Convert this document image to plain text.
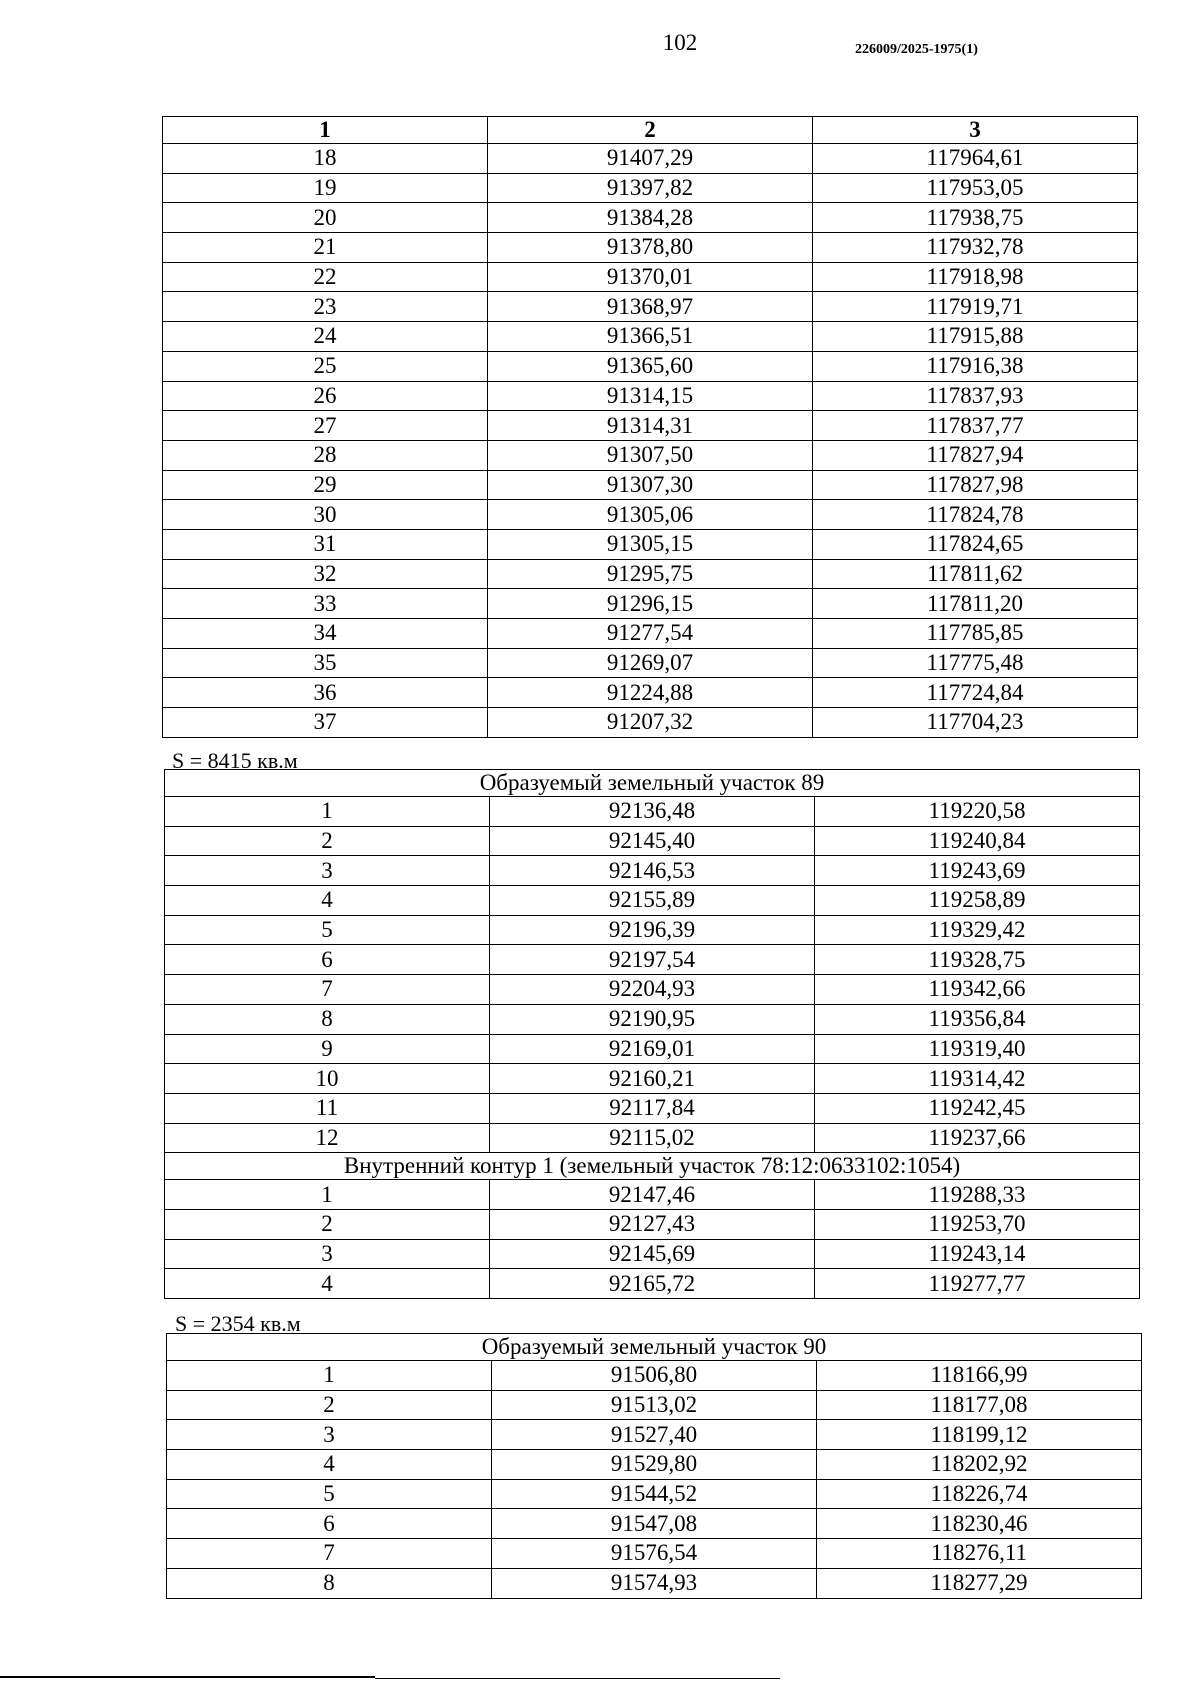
102	226009/2025-1975(1)
1	2	3
18	91407,29	117964,61
19	91397,82	117953,05
20	91384,28	117938,75
21	91378,80	117932,78
22	91370,01	117918,98
23	91368,97	117919,71
24	91366,51	117915,88
25	91365,60	117916,38
26	91314,15	117837,93
27	91314,31	117837,77
28	91307,50	117827,94
29	91307,30	117827,98
30	91305,06	117824,78
31	91305,15	117824,65
32	91295,75	117811,62
33	91296,15	117811,20
34	91277,54	117785,85
35	91269,07	117775,48
36	91224,88	117724,84
37	91207,32	117704,23
S = 8415 кв.м
Образуемый земельный участок 89		
1	92136,48	119220,58
2	92145,40	119240,84
3	92146,53	119243,69
4	92155,89	119258,89
5	92196,39	119329,42
6	92197,54	119328,75
7	92204,93	119342,66
8	92190,95	119356,84
9	92169,01	119319,40
10	92160,21	119314,42
11	92117,84	119242,45
12	92115,02	119237,66
Внутренний контур 1 (земельный участок 78:12:0633102:1054)		
1	92147,46	119288,33
2	92127,43	119253,70
3	92145,69	119243,14
4	92165,72	119277,77
S = 2354 кв.м
Образуемый земельный участок 90		
1	91506,80	118166,99
2	91513,02	118177,08
3	91527,40	118199,12
4	91529,80	118202,92
5	91544,52	118226,74
6	91547,08	118230,46
7	91576,54	118276,11
8	91574,93	118277,29
